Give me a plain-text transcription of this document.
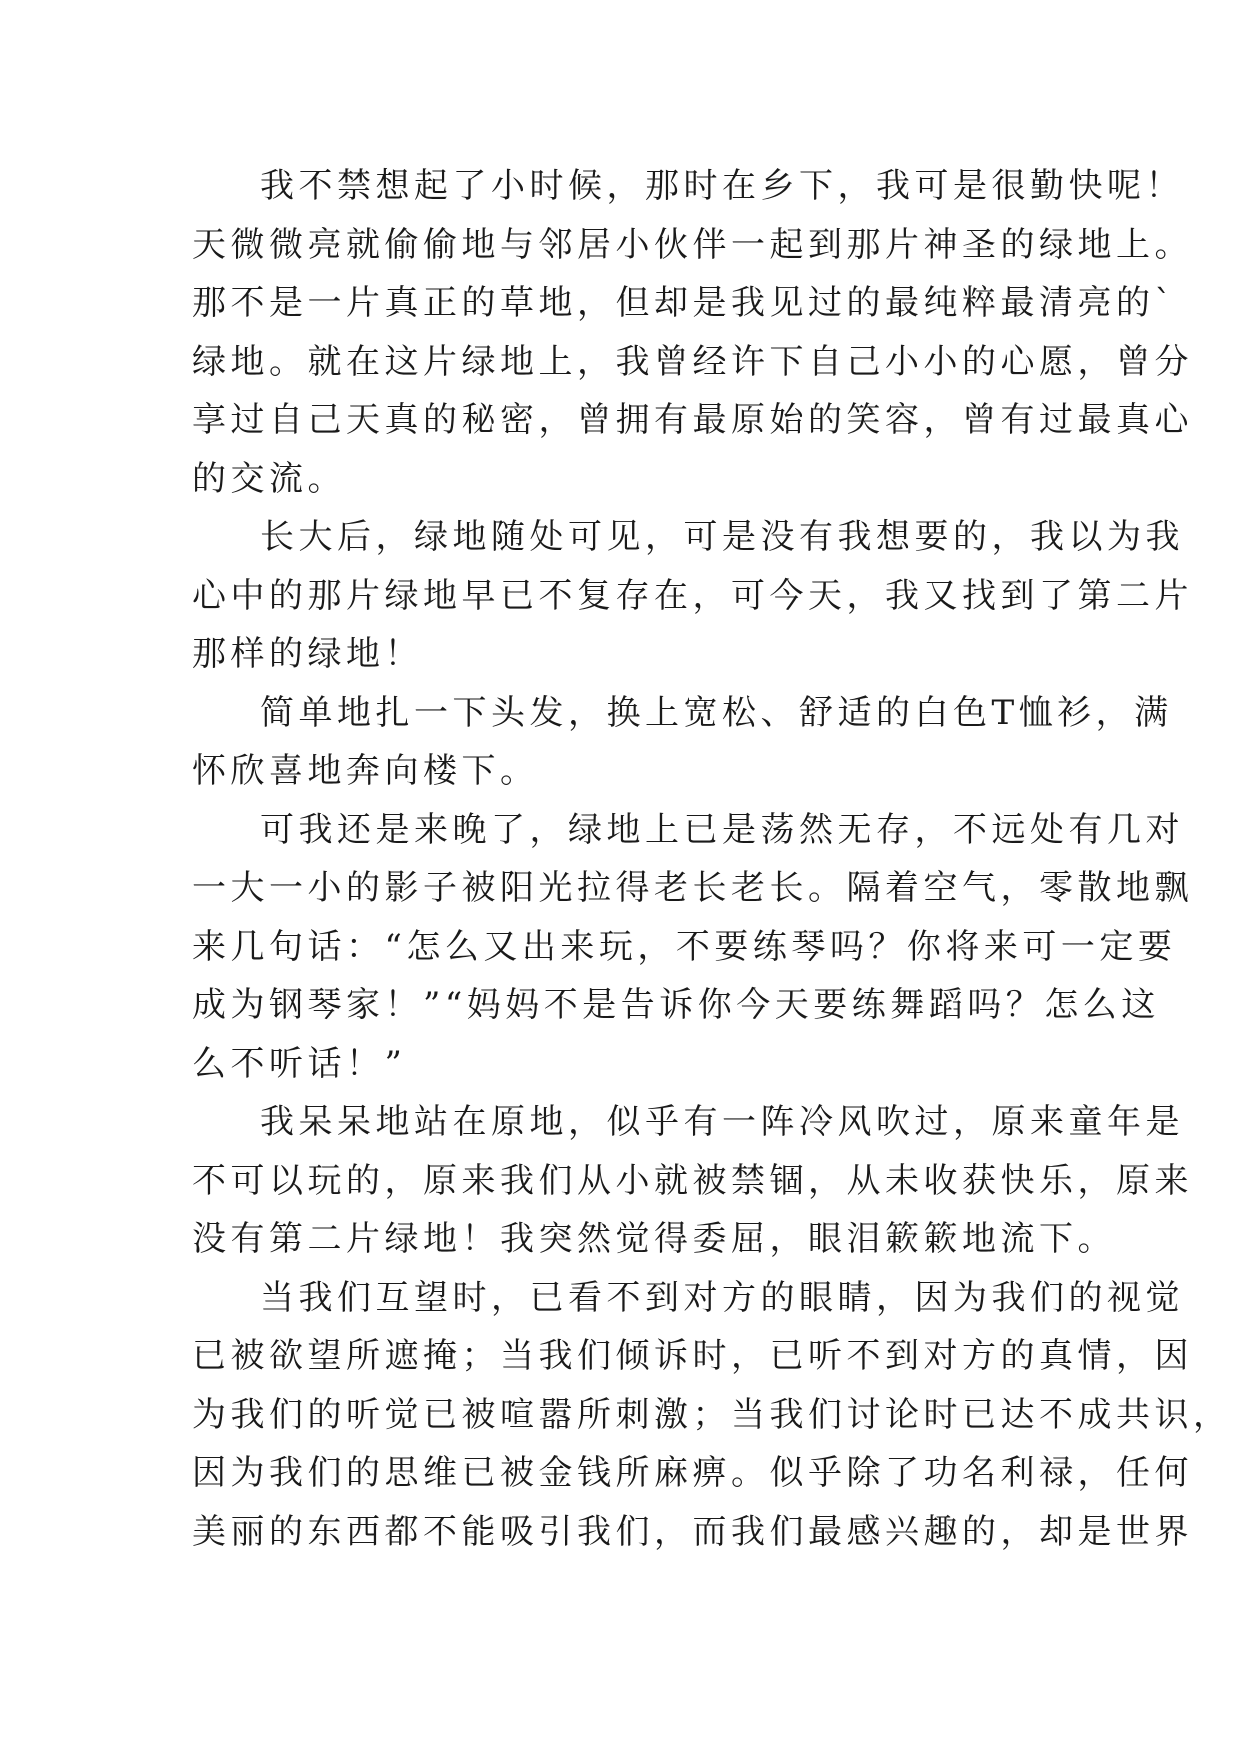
我不禁想起了小时候，那时在乡下，我可是很勤快呢！
天微微亮就偷偷地与邻居小伙伴一起到那片神圣的绿地上。
那不是一片真正的草地，但却是我见过的最纯粹最清亮的`
绿地。就在这片绿地上，我曾经许下自己小小的心愿，曾分
享过自己天真的秘密，曾拥有最原始的笑容，曾有过最真心
的交流。
长大后，绿地随处可见，可是没有我想要的，我以为我
心中的那片绿地早已不复存在，可今天，我又找到了第二片
那样的绿地！
简单地扎一下头发，换上宽松、舒适的白色T恤衫，满
怀欣喜地奔向楼下。
可我还是来晚了，绿地上已是荡然无存，不远处有几对
一大一小的影子被阳光拉得老长老长。隔着空气，零散地飘
来几句话：“怎么又出来玩，不要练琴吗？你将来可一定要
成为钢琴家！”“妈妈不是告诉你今天要练舞蹈吗？怎么这
么不听话！”
我呆呆地站在原地，似乎有一阵冷风吹过，原来童年是
不可以玩的，原来我们从小就被禁锢，从未收获快乐，原来
没有第二片绿地！我突然觉得委屈，眼泪簌簌地流下。
当我们互望时，已看不到对方的眼睛，因为我们的视觉
已被欲望所遮掩；当我们倾诉时，已听不到对方的真情，因
为我们的听觉已被喧嚣所刺激；当我们讨论时已达不成共识，
因为我们的思维已被金钱所麻痹。似乎除了功名利禄，任何
美丽的东西都不能吸引我们，而我们最感兴趣的，却是世界
